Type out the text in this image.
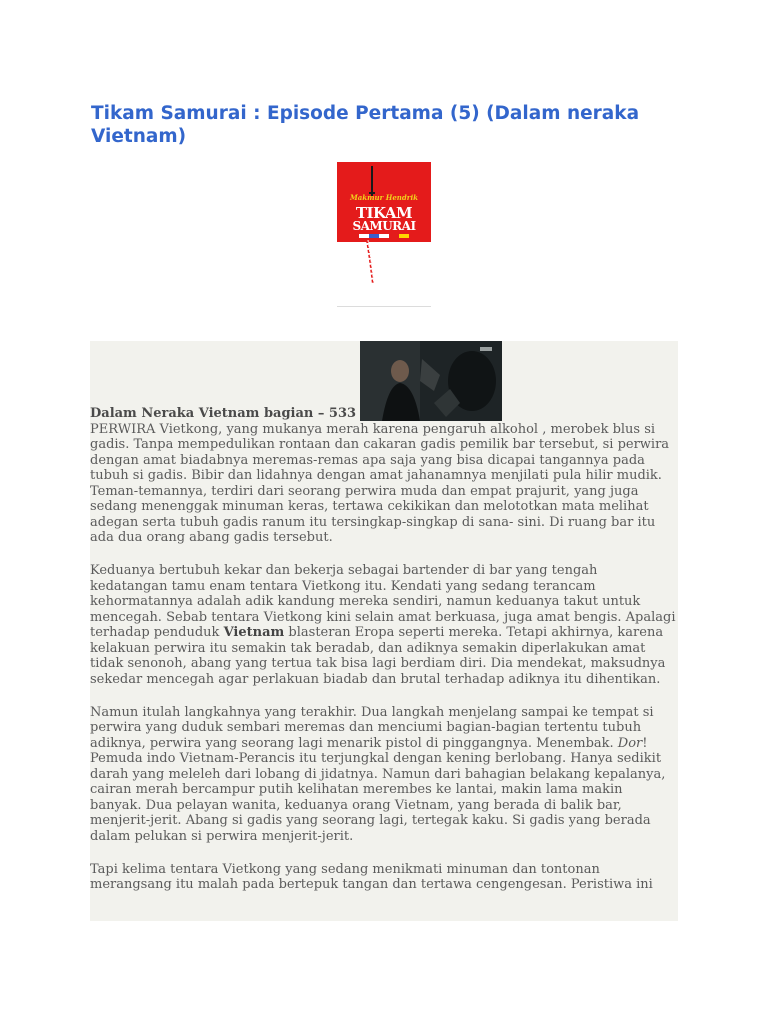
Tikam Samurai : Episode Pertama (5) (Dalam neraka Vietnam)
Makmur Hendrik
TIKAM
SAMURAI
Dalam Neraka Vietnam bagian – 533

PERWIRA Vietkong, yang mukanya merah karena pengaruh alkohol , merobek blus si gadis. Tanpa mempedulikan rontaan dan cakaran gadis pemilik bar tersebut, si perwira dengan amat biadabnya meremas-remas apa saja yang bisa dicapai tangannya pada tubuh si gadis. Bibir dan lidahnya dengan amat jahanamnya menjilati pula hilir mudik. Teman-temannya, terdiri dari seorang perwira muda dan empat prajurit, yang juga sedang menenggak minuman keras, tertawa cekikikan dan melototkan mata melihat adegan serta tubuh gadis ranum itu tersingkap-singkap di sana- sini. Di ruang bar itu ada dua orang abang gadis tersebut.

Keduanya bertubuh kekar dan bekerja sebagai bartender di bar yang tengah kedatangan tamu enam tentara Vietkong itu. Kendati yang sedang terancam kehormatannya adalah adik kandung mereka sendiri, namun keduanya takut untuk mencegah. Sebab tentara Vietkong kini selain amat berkuasa, juga amat bengis. Apalagi terhadap penduduk Vietnam blasteran Eropa seperti mereka. Tetapi akhirnya, karena kelakuan perwira itu semakin tak beradab, dan adiknya semakin diperlakukan amat tidak senonoh, abang yang tertua tak bisa lagi berdiam diri. Dia mendekat, maksudnya sekedar mencegah agar perlakuan biadab dan brutal terhadap adiknya itu dihentikan.

Namun itulah langkahnya yang terakhir. Dua langkah menjelang sampai ke tempat si perwira yang duduk sembari meremas dan menciumi bagian-bagian tertentu tubuh adiknya, perwira yang seorang lagi menarik pistol di pinggangnya. Menembak. Dor! Pemuda indo Vietnam-Perancis itu terjungkal dengan kening berlobang. Hanya sedikit darah yang meleleh dari lobang di jidatnya. Namun dari bahagian belakang kepalanya, cairan merah bercampur putih kelihatan merembes ke lantai, makin lama makin banyak. Dua pelayan wanita, keduanya orang Vietnam, yang berada di balik bar, menjerit-jerit. Abang si gadis yang seorang lagi, tertegak kaku. Si gadis yang berada dalam pelukan si perwira menjerit-jerit.

Tapi kelima tentara Vietkong yang sedang menikmati minuman dan tontonan merangsang itu malah pada bertepuk tangan dan tertawa cengengesan. Peristiwa ini
